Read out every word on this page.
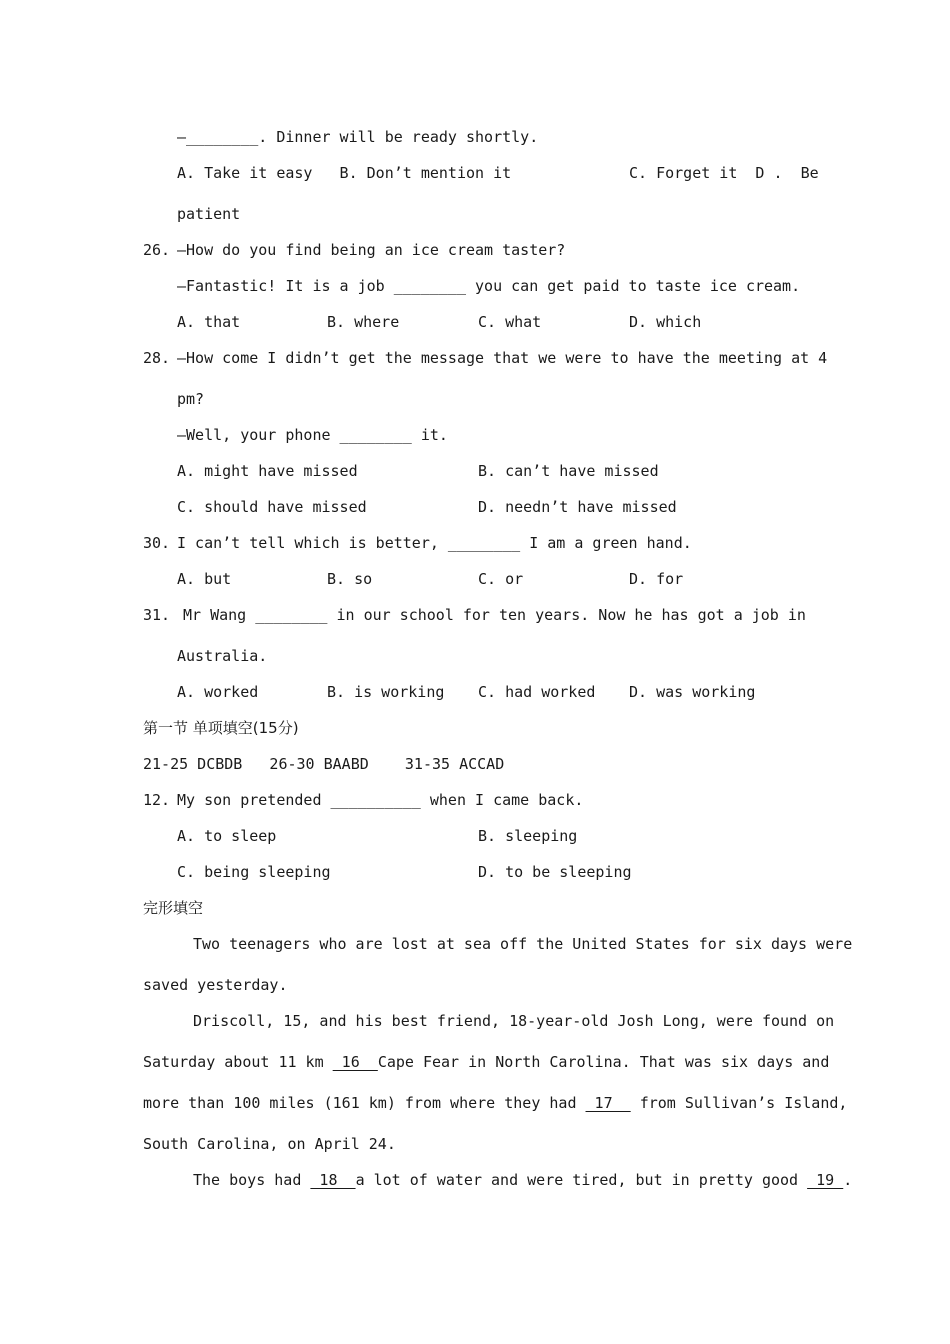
—________. Dinner will be ready shortly.
A. Take it easy   B. Don’t mention it	C. Forget it  D .  Be
patient
26. —How do you find being an ice cream taster?
—Fantastic! It is a job ________ you can get paid to taste ice cream.
A. that	B. where	C. what	D. which
28. —How come I didn’t get the message that we were to have the meeting at 4
pm?
—Well, your phone ________ it.
A. might have missed	B. can’t have missed
C. should have missed	D. needn’t have missed
30. I can’t tell which is better, ________ I am a green hand.
A. but	B. so	C. or	D. for
31. Mr Wang ________ in our school for ten years. Now he has got a job in
Australia.
A. worked	B. is working C. had worked D. was working
第一节 单项填空(15分)
21-25 DCBDB   26-30 BAABD    31-35 ACCAD
12. My son pretended __________ when I came back.
A. to sleep	B. sleeping
C. being sleeping	D. to be sleeping
完形填空
Two teenagers who are lost at sea off the United States for six days were
saved yesterday.
Driscoll, 15, and his best friend, 18-year-old Josh Long, were found on
Saturday about 11 km  16  Cape Fear in North Carolina. That was six days and
more than 100 miles (161 km) from where they had  17   from Sullivan’s Island,
South Carolina, on April 24.
The boys had  18  a lot of water and were tired, but in pretty good  19 .
